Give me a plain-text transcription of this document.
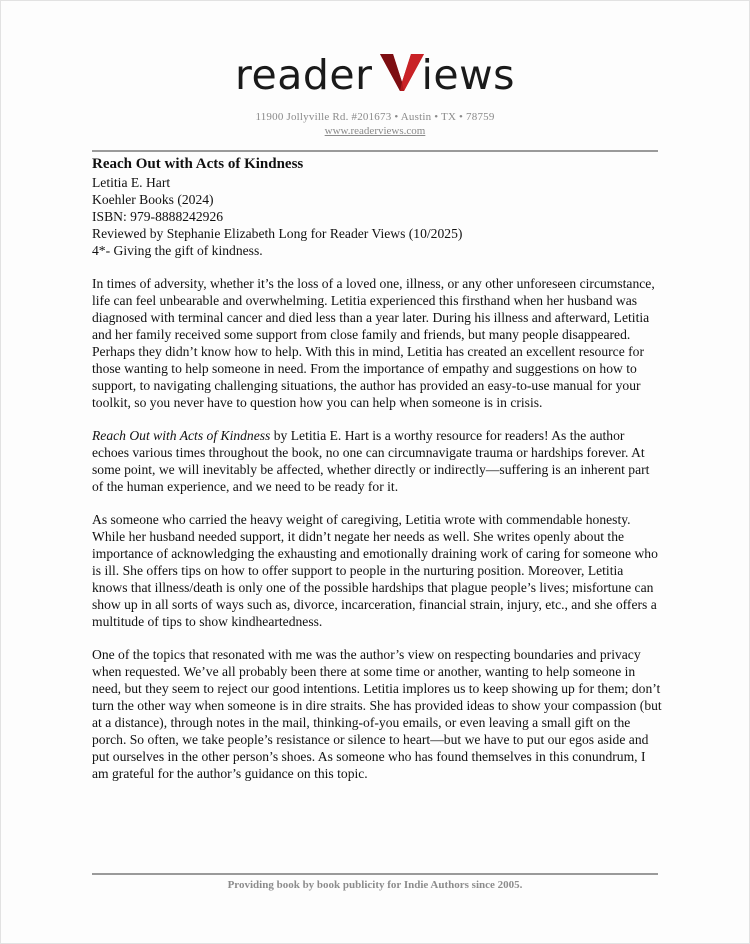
reader	V iews
11900 Jollyville Rd. #201673 • Austin • TX • 78759
www.readerviews.com

Reach Out with Acts of Kindness

Letitia E. Hart

Koehler Books (2024)

ISBN: 979-8888242926

Reviewed by Stephanie Elizabeth Long for Reader Views (10/2025)

4*- Giving the gift of kindness.

In times of adversity, whether it’s the loss of a loved one, illness, or any other unforeseen circumstance, life can feel unbearable and overwhelming. Letitia experienced this firsthand when her husband was diagnosed with terminal cancer and died less than a year later. During his illness and afterward, Letitia and her family received some support from close family and friends, but many people disappeared. Perhaps they didn’t know how to help. With this in mind, Letitia has created an excellent resource for those wanting to help someone in need. From the importance of empathy and suggestions on how to support, to navigating challenging situations, the author has provided an easy-to-use manual for your toolkit, so you never have to question how you can help when someone is in crisis.

Reach Out with Acts of Kindness by Letitia E. Hart is a worthy resource for readers! As the author echoes various times throughout the book, no one can circumnavigate trauma or hardships forever. At some point, we will inevitably be affected, whether directly or indirectly—suffering is an inherent part of the human experience, and we need to be ready for it.

As someone who carried the heavy weight of caregiving, Letitia wrote with commendable honesty. While her husband needed support, it didn’t negate her needs as well. She writes openly about the importance of acknowledging the exhausting and emotionally draining work of caring for someone who is ill. She offers tips on how to offer support to people in the nurturing position. Moreover, Letitia knows that illness/death is only one of the possible hardships that plague people’s lives; misfortune can show up in all sorts of ways such as, divorce, incarceration, financial strain, injury, etc., and she offers a multitude of tips to show kindheartedness.

One of the topics that resonated with me was the author’s view on respecting boundaries and privacy when requested. We’ve all probably been there at some time or another, wanting to help someone in need, but they seem to reject our good intentions. Letitia implores us to keep showing up for them; don’t turn the other way when someone is in dire straits. She has provided ideas to show your compassion (but at a distance), through notes in the mail, thinking-of-you emails, or even leaving a small gift on the porch. So often, we take people’s resistance or silence to heart—but we have to put our egos aside and put ourselves in the other person’s shoes. As someone who has found themselves in this conundrum, I am grateful for the author’s guidance on this topic.

Providing book by book publicity for Indie Authors since 2005.
